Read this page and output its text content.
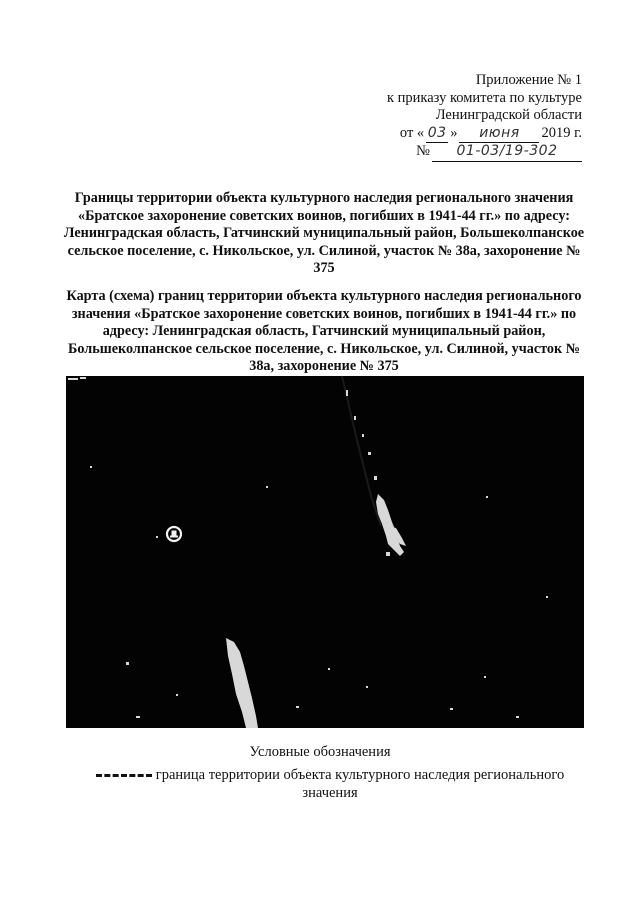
Приложение № 1
к приказу комитета по культуре
Ленинградской области
от « 03 »	июня	2019 г.
№	01-03/19-302
Границы территории объекта культурного наследия регионального значения «Братское захоронение советских воинов, погибших в 1941-44 гг.» по адресу: Ленинградская область, Гатчинский муниципальный район, Большеколпанское сельское поселение, с. Никольское, ул. Силиной, участок № 38а, захоронение № 375
Карта (схема) границ территории объекта культурного наследия регионального значения «Братское захоронение советских воинов, погибших в 1941-44 гг.» по адресу: Ленинградская область, Гатчинский муниципальный район, Большеколпанское сельское поселение, с. Никольское, ул. Силиной, участок № 38а, захоронение № 375
Условные обозначения
граница территории объекта культурного наследия регионального значения
